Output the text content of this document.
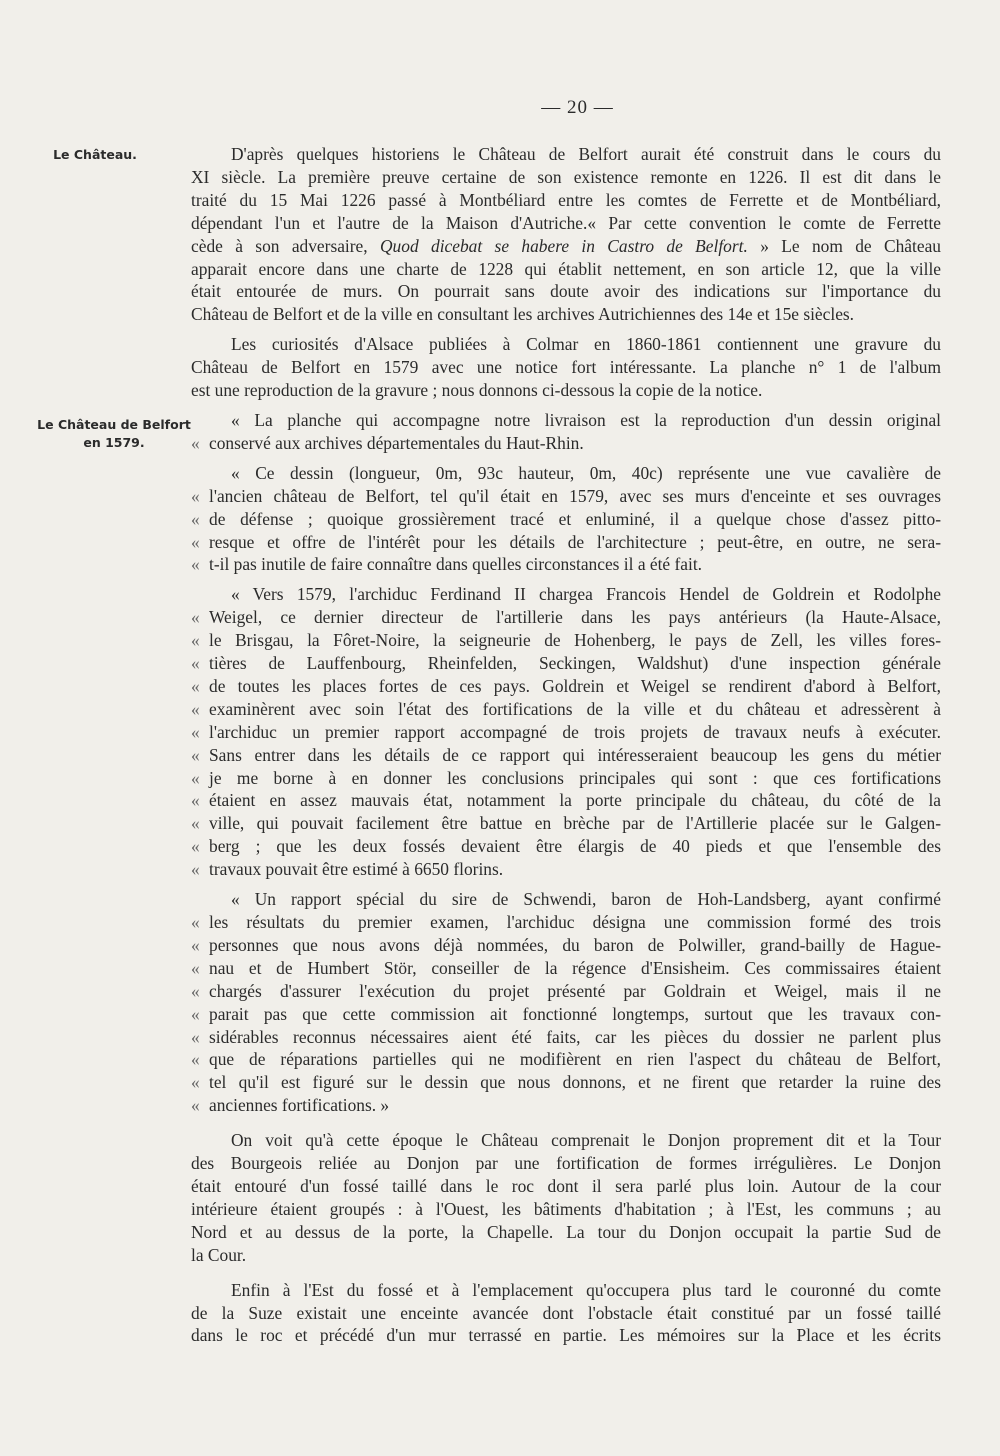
— 20 —
Le Château.
Le Château de Belfort
en 1579.
D'après quelques historiens le Château de Belfort aurait été construit dans le cours du
XI siècle. La première preuve certaine de son existence remonte en 1226. Il est dit dans le
traité du 15 Mai 1226 passé à Montbéliard entre les comtes de Ferrette et de Montbéliard,
dépendant l'un et l'autre de la Maison d'Autriche.« Par cette convention le comte de Ferrette
cède à son adversaire, Quod dicebat se habere in Castro de Belfort. » Le nom de Château
apparait encore dans une charte de 1228 qui établit nettement, en son article 12, que la ville
était entourée de murs. On pourrait sans doute avoir des indications sur l'importance du
Château de Belfort et de la ville en consultant les archives Autrichiennes des 14e et 15e siècles.
Les curiosités d'Alsace publiées à Colmar en 1860-1861 contiennent une gravure du
Château de Belfort en 1579 avec une notice fort intéressante. La planche n° 1 de l'album
est une reproduction de la gravure ; nous donnons ci-dessous la copie de la notice.
« La planche qui accompagne notre livraison est la reproduction d'un dessin original
« conservé aux archives départementales du Haut-Rhin.
« Ce dessin (longueur, 0m, 93c hauteur, 0m, 40c) représente une vue cavalière de
« l'ancien château de Belfort, tel qu'il était en 1579, avec ses murs d'enceinte et ses ouvrages
« de défense ; quoique grossièrement tracé et enluminé, il a quelque chose d'assez pitto-
« resque et offre de l'intérêt pour les détails de l'architecture ; peut-être, en outre, ne sera-
« t-il pas inutile de faire connaître dans quelles circonstances il a été fait.
« Vers 1579, l'archiduc Ferdinand II chargea Francois Hendel de Goldrein et Rodolphe
« Weigel, ce dernier directeur de l'artillerie dans les pays antérieurs (la Haute-Alsace,
« le Brisgau, la Fôret-Noire, la seigneurie de Hohenberg, le pays de Zell, les villes fores-
« tières de Lauffenbourg, Rheinfelden, Seckingen, Waldshut) d'une inspection générale
« de toutes les places fortes de ces pays. Goldrein et Weigel se rendirent d'abord à Belfort,
« examinèrent avec soin l'état des fortifications de la ville et du château et adressèrent à
« l'archiduc un premier rapport accompagné de trois projets de travaux neufs à exécuter.
« Sans entrer dans les détails de ce rapport qui intéresseraient beaucoup les gens du métier
« je me borne à en donner les conclusions principales qui sont : que ces fortifications
« étaient en assez mauvais état, notamment la porte principale du château, du côté de la
« ville, qui pouvait facilement être battue en brèche par de l'Artillerie placée sur le Galgen-
« berg ; que les deux fossés devaient être élargis de 40 pieds et que l'ensemble des
« travaux pouvait être estimé à 6650 florins.
« Un rapport spécial du sire de Schwendi, baron de Hoh-Landsberg, ayant confirmé
« les résultats du premier examen, l'archiduc désigna une commission formé des trois
« personnes que nous avons déjà nommées, du baron de Polwiller, grand-bailly de Hague-
« nau et de Humbert Stör, conseiller de la régence d'Ensisheim. Ces commissaires étaient
« chargés d'assurer l'exécution du projet présenté par Goldrain et Weigel, mais il ne
« parait pas que cette commission ait fonctionné longtemps, surtout que les travaux con-
« sidérables reconnus nécessaires aient été faits, car les pièces du dossier ne parlent plus
« que de réparations partielles qui ne modifièrent en rien l'aspect du château de Belfort,
« tel qu'il est figuré sur le dessin que nous donnons, et ne firent que retarder la ruine des
« anciennes fortifications. »
On voit qu'à cette époque le Château comprenait le Donjon proprement dit et la Tour
des Bourgeois reliée au Donjon par une fortification de formes irrégulières. Le Donjon
était entouré d'un fossé taillé dans le roc dont il sera parlé plus loin. Autour de la cour
intérieure étaient groupés : à l'Ouest, les bâtiments d'habitation ; à l'Est, les communs ; au
Nord et au dessus de la porte, la Chapelle. La tour du Donjon occupait la partie Sud de
la Cour.
Enfin à l'Est du fossé et à l'emplacement qu'occupera plus tard le couronné du comte
de la Suze existait une enceinte avancée dont l'obstacle était constitué par un fossé taillé
dans le roc et précédé d'un mur terrassé en partie. Les mémoires sur la Place et les écrits
